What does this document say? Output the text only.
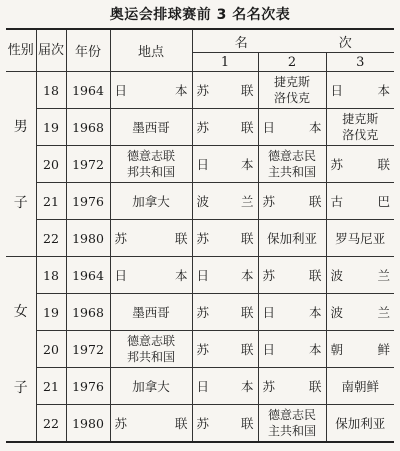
奥运会排球赛前 3 名名次表
性别	届次	年份	地点	名　　　　　　　次		
				1	2	3

男
子	18	1964	日 本	苏 联	捷克斯
洛伐克	日 本

	19	1968	墨西哥	苏 联	日 本	捷克斯
洛伐克
	20	1972	德意志联
邦共和国	日 本	德意志民
主共和国	苏 联

	21	1976	加拿大	波 兰	苏 联	古 巴

	22	1980	苏 联	苏 联	保加利亚	罗马尼亚

女
子	18	1964	日 本	日 本	苏 联	波 兰

	19	1968	墨西哥	苏 联	日 本	波 兰

	20	1972	德意志联
邦共和国	苏 联	日 本	朝 鲜

	21	1976	加拿大	日 本	苏 联	南朝鲜
	22	1980	苏 联	苏 联	德意志民
主共和国	保加利亚
